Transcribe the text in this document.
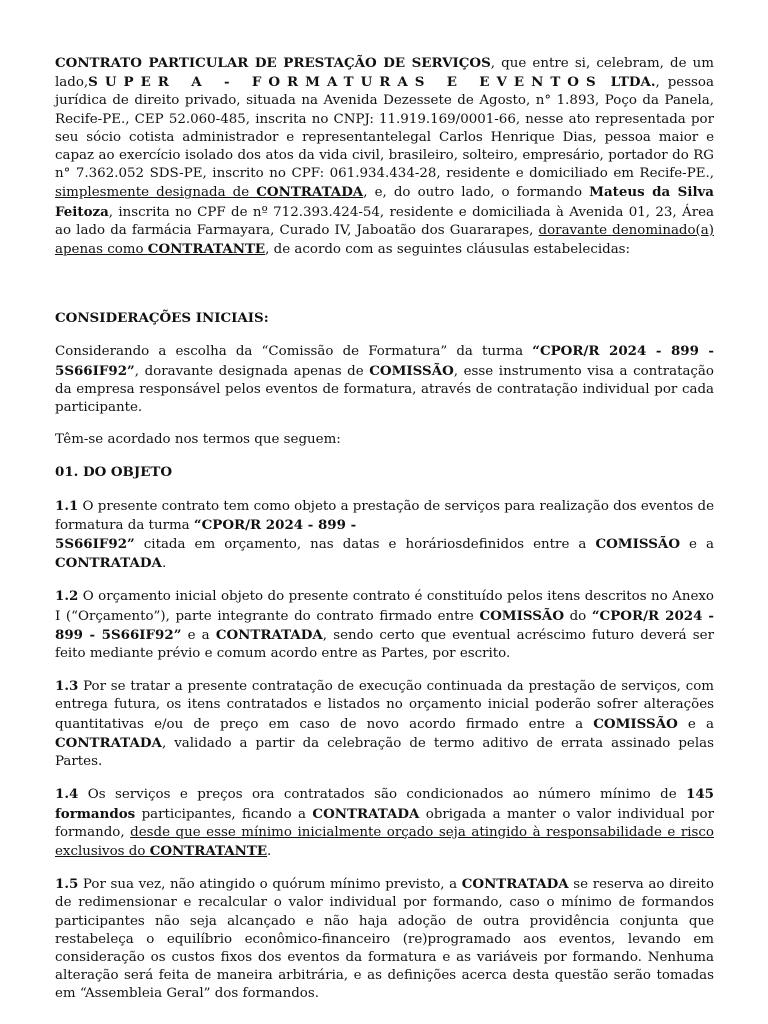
CONTRATO PARTICULAR DE PRESTAÇÃO DE SERVIÇOS, que entre si, celebram, de um lado,SUPER A - FORMATURAS E EVENTOS LTDA., pessoa jurídica de direito privado, situada na Avenida Dezessete de Agosto, n° 1.893, Poço da Panela, Recife-PE., CEP 52.060-485, inscrita no CNPJ: 11.919.169/0001-66, nesse ato representada por seu sócio cotista administrador e representantelegal Carlos Henrique Dias, pessoa maior e capaz ao exercício isolado dos atos da vida civil, brasileiro, solteiro, empresário, portador do RG n° 7.362.052 SDS-PE, inscrito no CPF: 061.934.434-28, residente e domiciliado em Recife-PE., simplesmente designada de CONTRATADA, e, do outro lado, o formando Mateus da Silva Feitoza, inscrita no CPF de nº 712.393.424-54, residente e domiciliada à Avenida 01, 23, Área ao lado da farmácia Farmayara, Curado IV, Jaboatão dos Guararapes, doravante denominado(a) apenas como CONTRATANTE, de acordo com as seguintes cláusulas estabelecidas:

CONSIDERAÇÕES INICIAIS:

Considerando a escolha da “Comissão de Formatura” da turma “CPOR/R 2024 - 899 - 5S66IF92”, doravante designada apenas de COMISSÃO, esse instrumento visa a contratação da empresa responsável pelos eventos de formatura, através de contratação individual por cada participante.

Têm-se acordado nos termos que seguem:

01. DO OBJETO

1.1 O presente contrato tem como objeto a prestação de serviços para realização dos eventos de formatura da turma “CPOR/R 2024 - 899 -
5S66IF92” citada em orçamento, nas datas e horáriosdefinidos entre a COMISSÃO e a CONTRATADA.

1.2 O orçamento inicial objeto do presente contrato é constituído pelos itens descritos no Anexo I (“Orçamento”), parte integrante do contrato firmado entre COMISSÃO do “CPOR/R 2024 - 899 - 5S66IF92” e a CONTRATADA, sendo certo que eventual acréscimo futuro deverá ser feito mediante prévio e comum acordo entre as Partes, por escrito.

1.3 Por se tratar a presente contratação de execução continuada da prestação de serviços, com entrega futura, os itens contratados e listados no orçamento inicial poderão sofrer alterações quantitativas e/ou de preço em caso de novo acordo firmado entre a COMISSÃO e a CONTRATADA, validado a partir da celebração de termo aditivo de errata assinado pelas Partes.

1.4 Os serviços e preços ora contratados são condicionados ao número mínimo de 145 formandos participantes, ficando a CONTRATADA obrigada a manter o valor individual por formando, desde que esse mínimo inicialmente orçado seja atingido à responsabilidade e risco exclusivos do CONTRATANTE.

1.5 Por sua vez, não atingido o quórum mínimo previsto, a CONTRATADA se reserva ao direito de redimensionar e recalcular o valor individual por formando, caso o mínimo de formandos participantes não seja alcançado e não haja adoção de outra providência conjunta que restabeleça o equilíbrio econômico-financeiro (re)programado aos eventos, levando em consideração os custos fixos dos eventos da formatura e as variáveis por formando. Nenhuma alteração será feita de maneira arbitrária, e as definições acerca desta questão serão tomadas em “Assembleia Geral” dos formandos.
